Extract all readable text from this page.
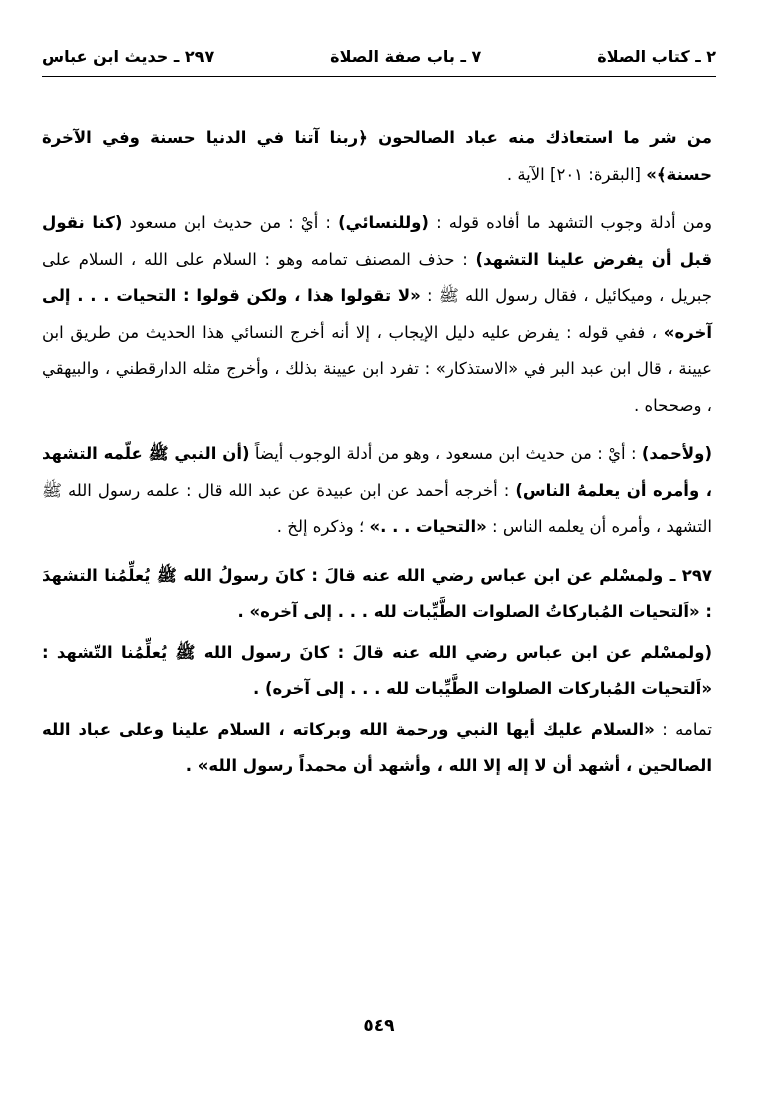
٢ ـ كتاب الصلاة
٧ ـ باب صفة الصلاة
٢٩٧ ـ حديث ابن عباس

من شر ما استعاذك منه عباد الصالحون ﴿ربنا آتنا في الدنيا حسنة وفي الآخرة حسنة﴾» [البقرة: ٢٠١] الآية .

ومن أدلة وجوب التشهد ما أفاده قوله : (وللنسائي) : أيْ : من حديث ابن مسعود (كنا نقول قبل أن يفرض علينا التشهد) : حذف المصنف تمامه وهو : السلام على الله ، السلام على جبريل ، وميكائيل ، فقال رسول الله ﷺ : «لا تقولوا هذا ، ولكن قولوا : التحيات . . . إلى آخره» ، ففي قوله : يفرض عليه دليل الإيجاب ، إلا أنه أخرج النسائي هذا الحديث من طريق ابن عيينة ، قال ابن عبد البر في «الاستذكار» : تفرد ابن عيينة بذلك ، وأخرج مثله الدارقطني ، والبيهقي ، وصححاه .

(ولأحمد) : أيْ : من حديث ابن مسعود ، وهو من أدلة الوجوب أيضاً (أن النبي ﷺ علّمه التشهد ، وأمره أن يعلمهُ الناس) : أخرجه أحمد عن ابن عبيدة عن عبد الله قال : علمه رسول الله ﷺ التشهد ، وأمره أن يعلمه الناس : «التحيات . . .» ؛ وذكره إلخ .

٢٩٧ ـ ولمسْلم عن ابن عباس رضي الله عنه قالَ : كانَ رسولُ الله ﷺ يُعلِّمُنا التشهدَ : «اَلتحيات المُباركاتُ الصلوات الطَّيِّبات لله . . . إلى آخره» .

(ولمسْلم عن ابن عباس رضي الله عنه قالَ : كانَ رسول الله ﷺ يُعلِّمُنا التّشهد : «اَلتحيات المُباركات الصلوات الطَّيِّبات لله . . . إلى آخره) .

تمامه : «السلام عليك أيها النبي ورحمة الله وبركاته ، السلام علينا وعلى عباد الله الصالحين ، أشهد أن لا إله إلا الله ، وأشهد أن محمداً رسول الله» .

٥٤٩
